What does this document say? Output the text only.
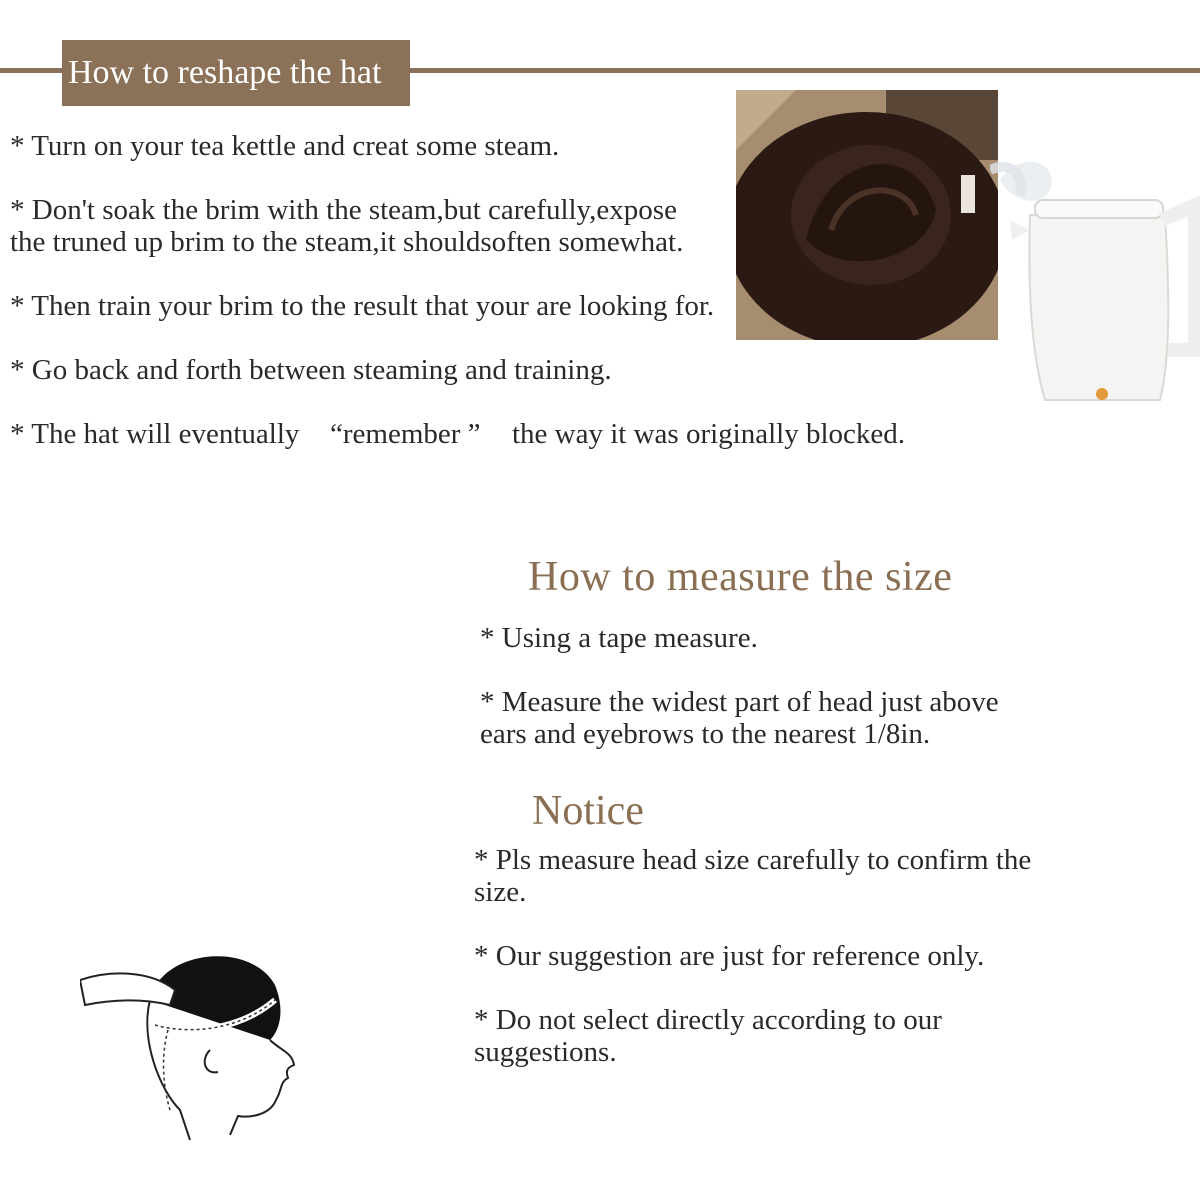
How to reshape the hat
* Turn on your tea kettle and creat some steam.
* Don't soak the brim with the steam,but carefully,expose
the truned up brim to the steam,it shouldsoften somewhat.
* Then train your brim to the result that your are looking for.
* Go back and forth between steaming and training.
* The hat will eventually “remember ” the way it was originally blocked.
How to measure the size
* Using a tape measure.
* Measure the widest part of head just above
ears and eyebrows to the nearest 1/8in.
Notice
* Pls measure head size carefully to confirm the
size.
* Our suggestion are just for reference only.
* Do not select directly according to our
suggestions.
